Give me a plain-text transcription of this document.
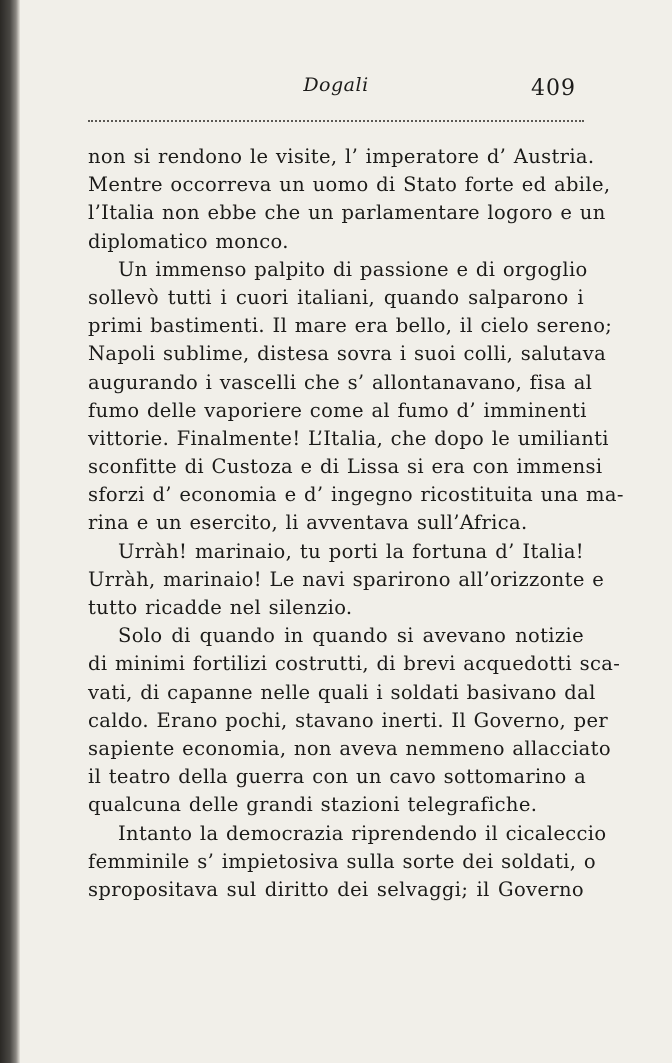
Dogali	409
non si rendono le visite, l’ imperatore d’ Austria.
Mentre occorreva un uomo di Stato forte ed abile,
l’Italia non ebbe che un parlamentare logoro e un
diplomatico monco.
Un immenso palpito di passione e di orgoglio
sollevò tutti i cuori italiani, quando salparono i
primi bastimenti. Il mare era bello, il cielo sereno;
Napoli sublime, distesa sovra i suoi colli, salutava
augurando i vascelli che s’ allontanavano, fisa al
fumo delle vaporiere come al fumo d’ imminenti
vittorie. Finalmente! L’Italia, che dopo le umilianti
sconfitte di Custoza e di Lissa si era con immensi
sforzi d’ economia e d’ ingegno ricostituita una ma-
rina e un esercito, li avventava sull’Africa.
Urràh! marinaio, tu porti la fortuna d’ Italia!
Urràh, marinaio! Le navi sparirono all’orizzonte e
tutto ricadde nel silenzio.
Solo di quando in quando si avevano notizie
di minimi fortilizi costrutti, di brevi acquedotti sca-
vati, di capanne nelle quali i soldati basivano dal
caldo. Erano pochi, stavano inerti. Il Governo, per
sapiente economia, non aveva nemmeno allacciato
il teatro della guerra con un cavo sottomarino a
qualcuna delle grandi stazioni telegrafiche.
Intanto la democrazia riprendendo il cicaleccio
femminile s’ impietosiva sulla sorte dei soldati, o
spropositava sul diritto dei selvaggi; il Governo
